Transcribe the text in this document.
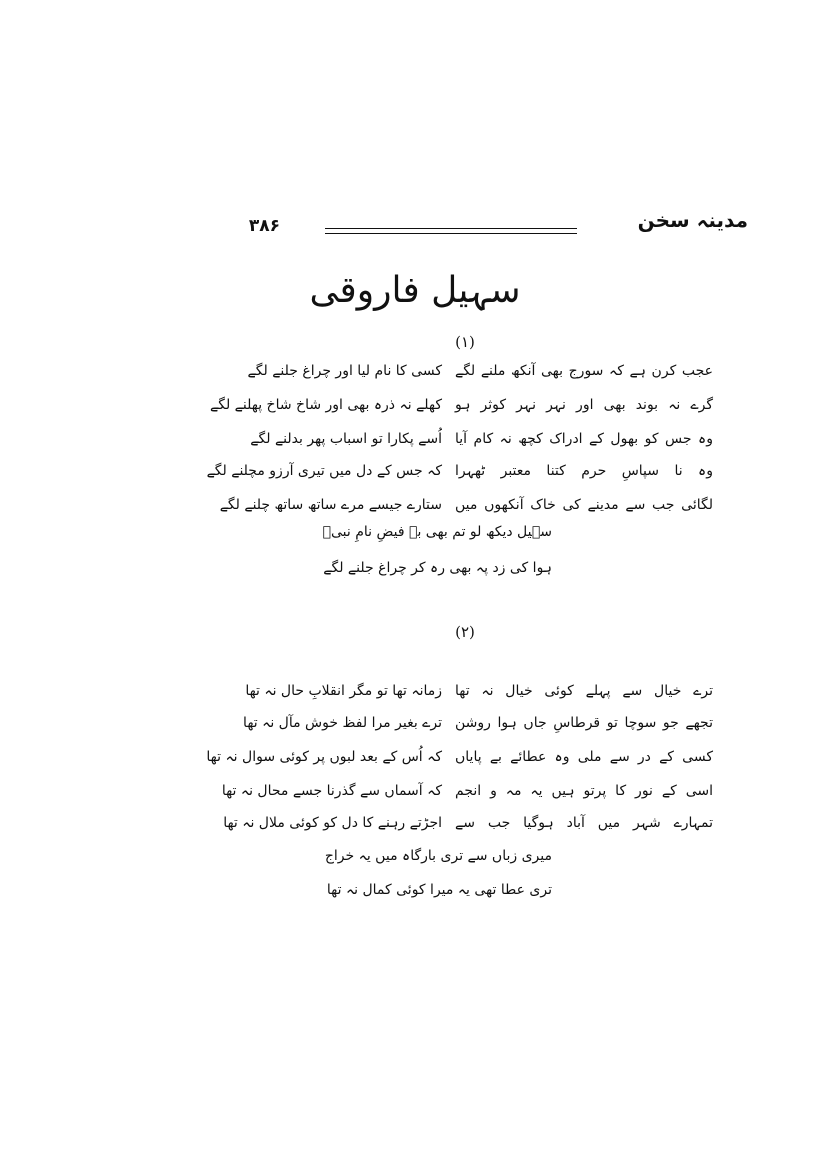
مدینہ سخن
۳۸۶
سہیل فاروقی
(۱)
عجب کرن ہے کہ سورج بھی آنکھ ملنے لگے
کسی کا نام لیا اور چراغ جلنے لگے
گرے نہ بوند بھی اور نہر نہر کوثر ہو
کھلے نہ ذرہ بھی اور شاخ شاخ پھلنے لگے
وہ جس کو بھول کے ادراک کچھ نہ کام آیا
اُسے پکارا تو اسباب پھر بدلنے لگے
وہ نا سپاسِ حرم کتنا معتبر ٹھہرا
کہ جس کے دل میں تیری آرزو مچلنے لگے
لگائی جب سے مدینے کی خاک آنکھوں میں
ستارے جیسے مرے ساتھ ساتھ چلنے لگے
سہیل دیکھ لو تم بھی بہ فیضِ نامِ نبیؐ
ہوا کی زد پہ بھی رہ کر چراغ جلنے لگے
(۲)
ترے خیال سے پہلے کوئی خیال نہ تھا
زمانہ تھا تو مگر انقلابِ حال نہ تھا
تجھے جو سوچا تو قرطاسِ جاں ہوا روشن
ترے بغیر مرا لفظ خوش مآل نہ تھا
کسی کے در سے ملی وہ عطائے بے پایاں
کہ اُس کے بعد لبوں پر کوئی سوال نہ تھا
اسی کے نور کا پرتو ہیں یہ مہ و انجم
کہ آسماں سے گذرنا جسے محال نہ تھا
تمہارے شہر میں آباد ہوگیا جب سے
اجڑتے رہنے کا دل کو کوئی ملال نہ تھا
میری زباں سے تری بارگاہ میں یہ خراج
تری عطا تھی یہ میرا کوئی کمال نہ تھا
